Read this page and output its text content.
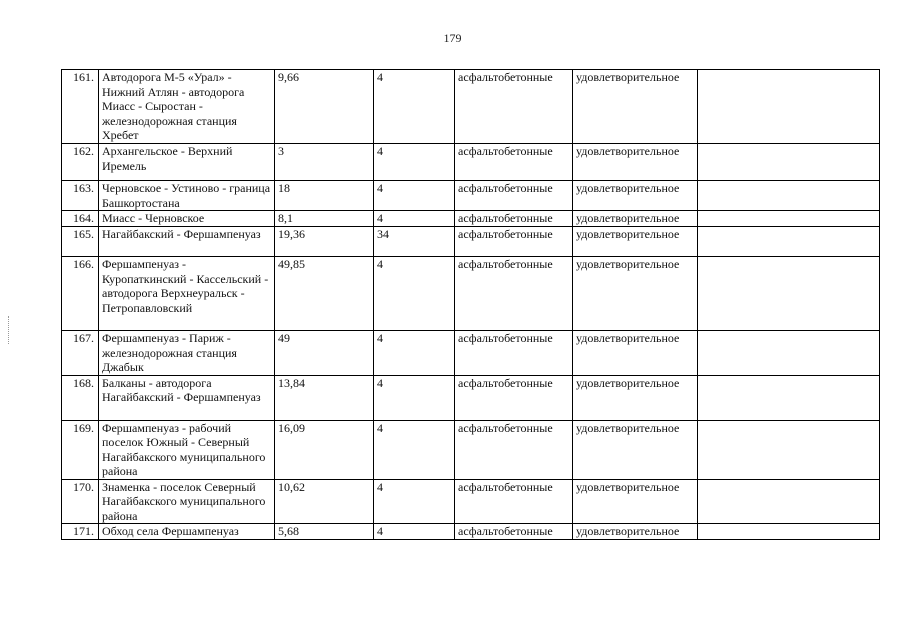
179
161.	Автодорога М-5 «Урал» - Нижний Атлян - автодорога Миасс - Сыростан - железнодорожная станция Хребет	9,66	4	асфальтобетонные	удовлетворительное	
162.	Архангельское - Верхний Иремель	3	4	асфальтобетонные	удовлетворительное	
163.	Черновское - Устиново - граница Башкортостана	18	4	асфальтобетонные	удовлетворительное	
164.	Миасс - Черновское	8,1	4	асфальтобетонные	удовлетворительное	
165.	Нагайбакский - Фершампенуаз	19,36	34	асфальтобетонные	удовлетворительное	
166.	Фершампенуаз - Куропаткинский - Кассельский - автодорога Верхнеуральск - Петропавловский	49,85	4	асфальтобетонные	удовлетворительное	
167.	Фершампенуаз - Париж - железнодорожная станция Джабык	49	4	асфальтобетонные	удовлетворительное	
168.	Балканы - автодорога Нагайбакский - Фершампенуаз	13,84	4	асфальтобетонные	удовлетворительное	
169.	Фершампенуаз - рабочий поселок Южный - Северный Нагайбакского муниципального района	16,09	4	асфальтобетонные	удовлетворительное	
170.	Знаменка - поселок Северный Нагайбакского муниципального района	10,62	4	асфальтобетонные	удовлетворительное	
171.	Обход села Фершампенуаз	5,68	4	асфальтобетонные	удовлетворительное	
